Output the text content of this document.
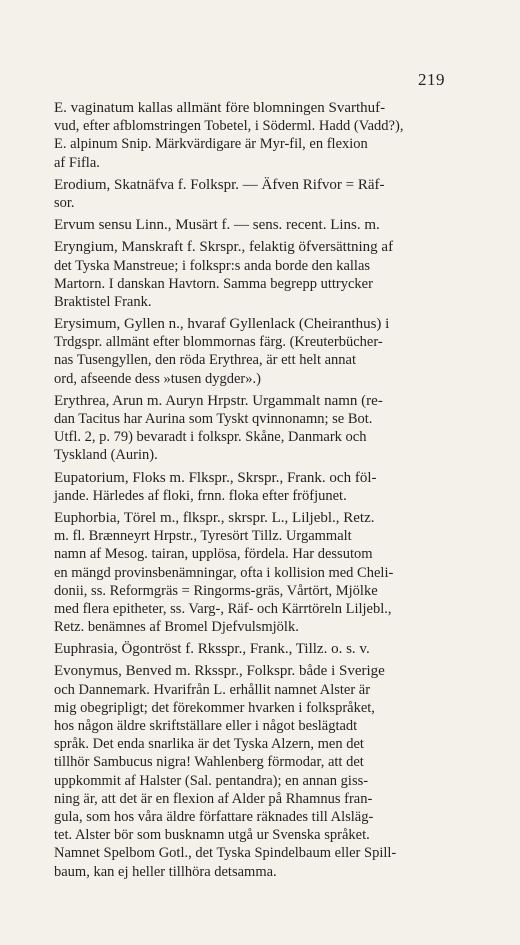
219
E. vaginatum kallas allmänt före blomningen Svarthuf-
vud, efter afblomstringen Tobetel, i Söderml. Hadd (Vadd?),
E. alpinum Snip. Märkvärdigare är Myr-fil, en flexion
af Fifla.
Erodium, Skatnäfva f. Folkspr. — Äfven Rifvor = Räf-
sor.
Ervum sensu Linn., Musärt f. — sens. recent. Lins. m.
Eryngium, Manskraft f. Skrspr., felaktig öfversättning af
det Tyska Manstreue; i folkspr:s anda borde den kallas
Martorn. I danskan Havtorn. Samma begrepp uttrycker
Braktistel Frank.
Erysimum, Gyllen n., hvaraf Gyllenlack (Cheiranthus) i
Trdgspr. allmänt efter blommornas färg. (Kreuterbücher-
nas Tusengyllen, den röda Erythrea, är ett helt annat
ord, afseende dess »tusen dygder».)
Erythrea, Arun m. Auryn Hrpstr. Urgammalt namn (re-
dan Tacitus har Aurina som Tyskt qvinnonamn; se Bot.
Utfl. 2, p. 79) bevaradt i folkspr. Skåne, Danmark och
Tyskland (Aurin).
Eupatorium, Floks m. Flkspr., Skrspr., Frank. och föl-
jande. Härledes af floki, frnn. floka efter fröfjunet.
Euphorbia, Törel m., flkspr., skrspr. L., Liljebl., Retz.
m. fl. Brænneyrt Hrpstr., Tyresört Tillz. Urgammalt
namn af Mesog. tairan, upplösa, fördela. Har dessutom
en mängd provinsbenämningar, ofta i kollision med Cheli-
donii, ss. Reformgräs = Ringorms-gräs, Vårtört, Mjölke
med flera epitheter, ss. Varg-, Räf- och Kärrtöreln Liljebl.,
Retz. benämnes af Bromel Djefvulsmjölk.
Euphrasia, Ögontröst f. Rksspr., Frank., Tillz. o. s. v.
Evonymus, Benved m. Rksspr., Folkspr. både i Sverige
och Dannemark. Hvarifrån L. erhållit namnet Alster är
mig obegripligt; det förekommer hvarken i folkspråket,
hos någon äldre skriftställare eller i något beslägtadt
språk. Det enda snarlika är det Tyska Alzern, men det
tillhör Sambucus nigra! Wahlenberg förmodar, att det
uppkommit af Halster (Sal. pentandra); en annan giss-
ning är, att det är en flexion af Alder på Rhamnus fran-
gula, som hos våra äldre författare räknades till Alsläg-
tet. Alster bör som busknamn utgå ur Svenska språket.
Namnet Spelbom Gotl., det Tyska Spindelbaum eller Spill-
baum, kan ej heller tillhöra detsamma.
